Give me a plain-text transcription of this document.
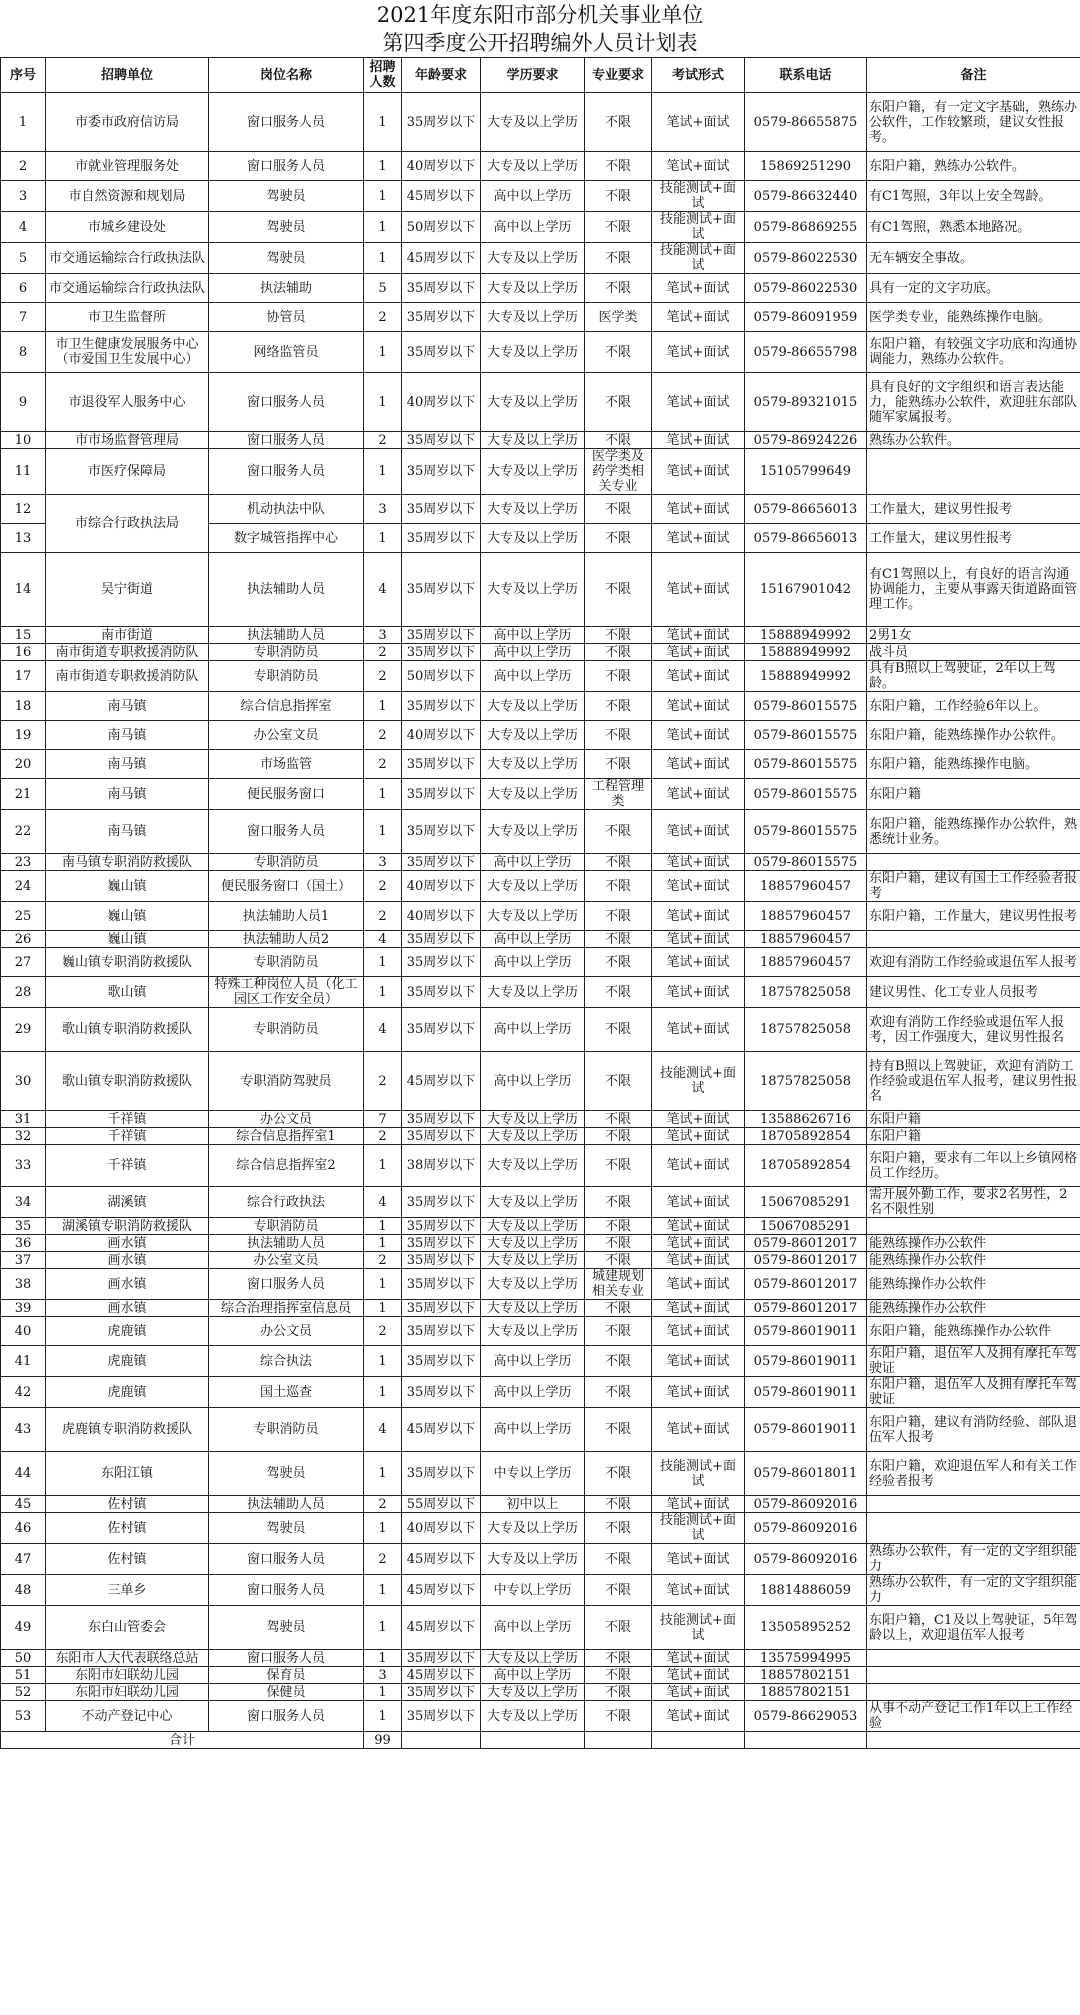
2021年度东阳市部分机关事业单位
第四季度公开招聘编外人员计划表
序号	招聘单位	岗位名称	招聘人数	年龄要求	学历要求	专业要求	考试形式	联系电话	备注
1	市委市政府信访局	窗口服务人员	1	35周岁以下	大专及以上学历	不限	笔试+面试	0579-86655875	东阳户籍，有一定文字基础，熟练办公软件，工作较繁琐，建议女性报考。
2	市就业管理服务处	窗口服务人员	1	40周岁以下	大专及以上学历	不限	笔试+面试	15869251290	东阳户籍，熟练办公软件。
3	市自然资源和规划局	驾驶员	1	45周岁以下	高中以上学历	不限	技能测试+面试	0579-86632440	有C1驾照，3年以上安全驾龄。
4	市城乡建设处	驾驶员	1	50周岁以下	高中以上学历	不限	技能测试+面试	0579-86869255	有C1驾照，熟悉本地路况。
5	市交通运输综合行政执法队	驾驶员	1	45周岁以下	大专及以上学历	不限	技能测试+面试	0579-86022530	无车辆安全事故。
6	市交通运输综合行政执法队	执法辅助	5	35周岁以下	大专及以上学历	不限	笔试+面试	0579-86022530	具有一定的文字功底。
7	市卫生监督所	协管员	2	35周岁以下	大专及以上学历	医学类	笔试+面试	0579-86091959	医学类专业，能熟练操作电脑。
8	市卫生健康发展服务中心（市爱国卫生发展中心）	网络监管员	1	35周岁以下	大专及以上学历	不限	笔试+面试	0579-86655798	东阳户籍，有较强文字功底和沟通协调能力，熟练办公软件。
9	市退役军人服务中心	窗口服务人员	1	40周岁以下	大专及以上学历	不限	笔试+面试	0579-89321015	具有良好的文字组织和语言表达能力，能熟练办公软件，欢迎驻东部队随军家属报考。
10	市市场监督管理局	窗口服务人员	2	35周岁以下	大专及以上学历	不限	笔试+面试	0579-86924226	熟练办公软件。
11	市医疗保障局	窗口服务人员	1	35周岁以下	大专及以上学历	医学类及药学类相关专业	笔试+面试	15105799649	
12	市综合行政执法局	机动执法中队	3	35周岁以下	大专及以上学历	不限	笔试+面试	0579-86656013	工作量大，建议男性报考
13		数字城管指挥中心	1	35周岁以下	大专及以上学历	不限	笔试+面试	0579-86656013	工作量大，建议男性报考
14	吴宁街道	执法辅助人员	4	35周岁以下	大专及以上学历	不限	笔试+面试	15167901042	有C1驾照以上，有良好的语言沟通协调能力，主要从事露天街道路面管理工作。
15	南市街道	执法辅助人员	3	35周岁以下	高中以上学历	不限	笔试+面试	15888949992	2男1女
16	南市街道专职救援消防队	专职消防员	2	35周岁以下	高中以上学历	不限	笔试+面试	15888949992	战斗员
17	南市街道专职救援消防队	专职消防员	2	50周岁以下	高中以上学历	不限	笔试+面试	15888949992	具有B照以上驾驶证，2年以上驾龄。
18	南马镇	综合信息指挥室	1	35周岁以下	大专及以上学历	不限	笔试+面试	0579-86015575	东阳户籍，工作经验6年以上。
19	南马镇	办公室文员	2	40周岁以下	大专及以上学历	不限	笔试+面试	0579-86015575	东阳户籍，能熟练操作办公软件。
20	南马镇	市场监管	2	35周岁以下	大专及以上学历	不限	笔试+面试	0579-86015575	东阳户籍，能熟练操作电脑。
21	南马镇	便民服务窗口	1	35周岁以下	大专及以上学历	工程管理类	笔试+面试	0579-86015575	东阳户籍
22	南马镇	窗口服务人员	1	35周岁以下	大专及以上学历	不限	笔试+面试	0579-86015575	东阳户籍，能熟练操作办公软件，熟悉统计业务。
23	南马镇专职消防救援队	专职消防员	3	35周岁以下	高中以上学历	不限	笔试+面试	0579-86015575	
24	巍山镇	便民服务窗口（国土）	2	40周岁以下	大专及以上学历	不限	笔试+面试	18857960457	东阳户籍，建议有国土工作经验者报考
25	巍山镇	执法辅助人员1	2	40周岁以下	大专及以上学历	不限	笔试+面试	18857960457	东阳户籍，工作量大，建议男性报考
26	巍山镇	执法辅助人员2	4	35周岁以下	高中以上学历	不限	笔试+面试	18857960457	
27	巍山镇专职消防救援队	专职消防员	1	35周岁以下	高中以上学历	不限	笔试+面试	18857960457	欢迎有消防工作经验或退伍军人报考
28	歌山镇	特殊工种岗位人员（化工园区工作安全员）	1	35周岁以下	大专及以上学历	不限	笔试+面试	18757825058	建议男性、化工专业人员报考
29	歌山镇专职消防救援队	专职消防员	4	35周岁以下	高中以上学历	不限	笔试+面试	18757825058	欢迎有消防工作经验或退伍军人报考，因工作强度大，建议男性报名
30	歌山镇专职消防救援队	专职消防驾驶员	2	45周岁以下	高中以上学历	不限	技能测试+面试	18757825058	持有B照以上驾驶证，欢迎有消防工作经验或退伍军人报考，建议男性报名
31	千祥镇	办公文员	7	35周岁以下	大专及以上学历	不限	笔试+面试	13588626716	东阳户籍
32	千祥镇	综合信息指挥室1	2	35周岁以下	大专及以上学历	不限	笔试+面试	18705892854	东阳户籍
33	千祥镇	综合信息指挥室2	1	38周岁以下	大专及以上学历	不限	笔试+面试	18705892854	东阳户籍，要求有二年以上乡镇网格员工作经历。
34	湖溪镇	综合行政执法	4	35周岁以下	大专及以上学历	不限	笔试+面试	15067085291	需开展外勤工作，要求2名男性，2名不限性别
35	湖溪镇专职消防救援队	专职消防员	1	35周岁以下	大专及以上学历	不限	笔试+面试	15067085291	
36	画水镇	执法辅助人员	1	35周岁以下	大专及以上学历	不限	笔试+面试	0579-86012017	能熟练操作办公软件
37	画水镇	办公室文员	2	35周岁以下	大专及以上学历	不限	笔试+面试	0579-86012017	能熟练操作办公软件
38	画水镇	窗口服务人员	1	35周岁以下	大专及以上学历	城建规划相关专业	笔试+面试	0579-86012017	能熟练操作办公软件
39	画水镇	综合治理指挥室信息员	1	35周岁以下	大专及以上学历	不限	笔试+面试	0579-86012017	能熟练操作办公软件
40	虎鹿镇	办公文员	2	35周岁以下	大专及以上学历	不限	笔试+面试	0579-86019011	东阳户籍，能熟练操作办公软件
41	虎鹿镇	综合执法	1	35周岁以下	高中以上学历	不限	笔试+面试	0579-86019011	东阳户籍，退伍军人及拥有摩托车驾驶证
42	虎鹿镇	国土巡查	1	35周岁以下	高中以上学历	不限	笔试+面试	0579-86019011	东阳户籍，退伍军人及拥有摩托车驾驶证
43	虎鹿镇专职消防救援队	专职消防员	4	45周岁以下	高中以上学历	不限	笔试+面试	0579-86019011	东阳户籍，建议有消防经验、部队退伍军人报考
44	东阳江镇	驾驶员	1	35周岁以下	中专以上学历	不限	技能测试+面试	0579-86018011	东阳户籍，欢迎退伍军人和有关工作经验者报考
45	佐村镇	执法辅助人员	2	55周岁以下	初中以上	不限	笔试+面试	0579-86092016	
46	佐村镇	驾驶员	1	40周岁以下	大专及以上学历	不限	技能测试+面试	0579-86092016	
47	佐村镇	窗口服务人员	2	45周岁以下	大专及以上学历	不限	笔试+面试	0579-86092016	熟练办公软件，有一定的文字组织能力
48	三单乡	窗口服务人员	1	45周岁以下	中专以上学历	不限	笔试+面试	18814886059	熟练办公软件，有一定的文字组织能力
49	东白山管委会	驾驶员	1	45周岁以下	高中以上学历	不限	技能测试+面试	13505895252	东阳户籍，C1及以上驾驶证，5年驾龄以上，欢迎退伍军人报考
50	东阳市人大代表联络总站	窗口服务人员	1	35周岁以下	大专及以上学历	不限	笔试+面试	13575994995	
51	东阳市妇联幼儿园	保育员	3	45周岁以下	高中以上学历	不限	笔试+面试	18857802151	
52	东阳市妇联幼儿园	保健员	1	35周岁以下	大专及以上学历	不限	笔试+面试	18857802151	
53	不动产登记中心	窗口服务人员	1	35周岁以下	大专及以上学历	不限	笔试+面试	0579-86629053	从事不动产登记工作1年以上工作经验
合计			99						
